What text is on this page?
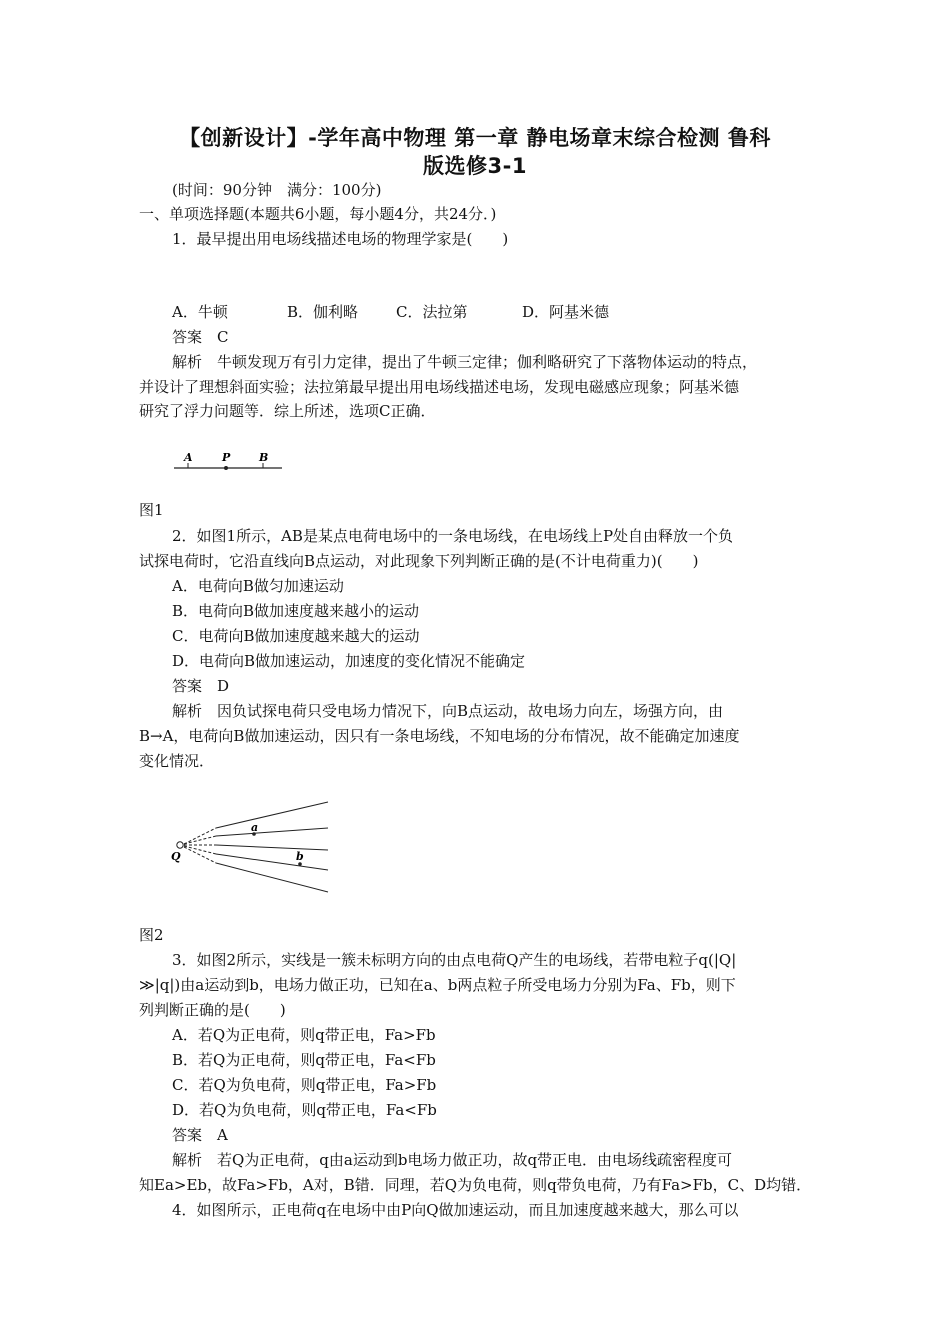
【创新设计】-学年高中物理 第一章 静电场章末综合检测 鲁科
版选修3-1
(时间：90分钟　满分：100分)
一、单项选择题(本题共6小题，每小题4分，共24分．)
1．最早提出用电场线描述电场的物理学家是(　　)
A．牛顿	B．伽利略	C．法拉第	D．阿基米德
答案　C
解析　牛顿发现万有引力定律，提出了牛顿三定律；伽利略研究了下落物体运动的特点，
并设计了理想斜面实验；法拉第最早提出用电场线描述电场，发现电磁感应现象；阿基米德
研究了浮力问题等．综上所述，选项C正确．
A	P	B
图1
2．如图1所示，AB是某点电荷电场中的一条电场线，在电场线上P处自由释放一个负
试探电荷时，它沿直线向B点运动，对此现象下列判断正确的是(不计电荷重力)(　　)
A．电荷向B做匀加速运动
B．电荷向B做加速度越来越小的运动
C．电荷向B做加速度越来越大的运动
D．电荷向B做加速运动，加速度的变化情况不能确定
答案　D
解析　因负试探电荷只受电场力情况下，向B点运动，故电场力向左，场强方向，由
B→A，电荷向B做加速运动，因只有一条电场线，不知电场的分布情况，故不能确定加速度
变化情况．
a
b
Q
图2
3．如图2所示，实线是一簇未标明方向的由点电荷Q产生的电场线，若带电粒子q(|Q|
≫|q|)由a运动到b，电场力做正功，已知在a、b两点粒子所受电场力分别为Fa、Fb，则下
列判断正确的是(　　)
A．若Q为正电荷，则q带正电，Fa>Fb
B．若Q为正电荷，则q带正电，Fa<Fb
C．若Q为负电荷，则q带正电，Fa>Fb
D．若Q为负电荷，则q带正电，Fa<Fb
答案　A
解析　若Q为正电荷，q由a运动到b电场力做正功，故q带正电．由电场线疏密程度可
知Ea>Eb，故Fa>Fb，A对，B错．同理，若Q为负电荷，则q带负电荷，乃有Fa>Fb，C、D均错．
4．如图所示，正电荷q在电场中由P向Q做加速运动，而且加速度越来越大，那么可以
